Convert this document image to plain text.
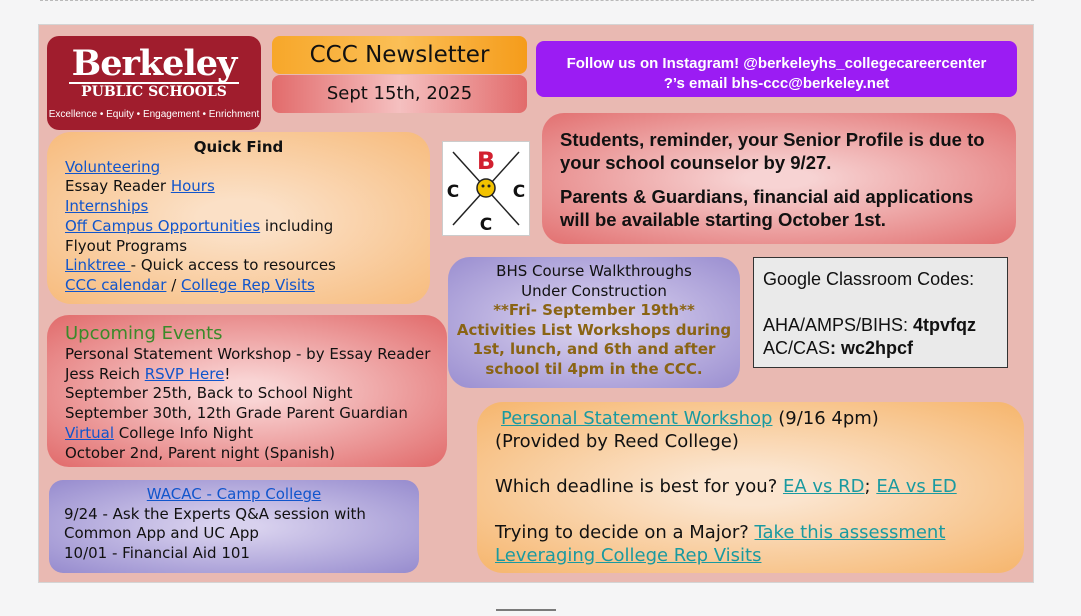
Berkeley
PUBLIC SCHOOLS
Excellence • Equity • Engagement • Enrichment
CCC Newsletter
Sept 15th, 2025
Follow us on Instagram! @berkeleyhs_collegecareercenter
?’s email bhs-ccc@berkeley.net
Quick Find
Volunteering
Essay Reader Hours
Internships
Off Campus Opportunities including
Flyout Programs
Linktree - Quick access to resources
CCC calendar / College Rep Visits
B
C	C
C

Students, reminder, your Senior Profile is due to your school counselor by 9/27.

Parents & Guardians, financial aid applications will be available starting October 1st.

Upcoming Events
Personal Statement Workshop - by Essay Reader Jess Reich RSVP Here!
September 25th, Back to School Night
September 30th, 12th Grade Parent Guardian Virtual College Info Night
October 2nd, Parent night (Spanish)
BHS Course Walkthroughs
Under Construction
**Fri- September 19th**
Activities List Workshops during 1st, lunch, and 6th and after school til 4pm in the CCC.
Google Classroom Codes:
AHA/AMPS/BIHS: 4tpvfqz
AC/CAS: wc2hpcf
WACAC - Camp College
9/24 - Ask the Experts Q&A session with Common App and UC App
10/01 - Financial Aid 101
Personal Statement Workshop (9/16 4pm)
(Provided by Reed College)
Which deadline is best for you? EA vs RD; EA vs ED
Trying to decide on a Major? Take this assessment
Leveraging College Rep Visits
